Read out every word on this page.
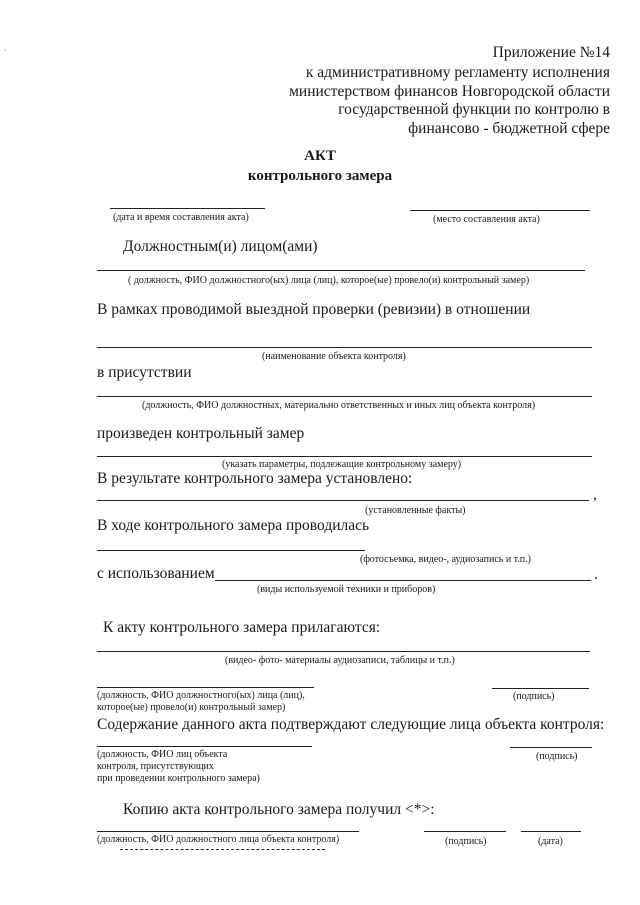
Приложение №14
к административному регламенту исполнения
министерством финансов Новгородской области
государственной функции по контролю в
финансово - бюджетной сфере
АКТ
контрольного замера
(дата и время составления акта)	(место составления акта)
Должностным(и) лицом(ами)
( должность, ФИО должностного(ых) лица (лиц), которое(ые) провело(и) контрольный замер)
В рамках проводимой выездной проверки (ревизии) в отношении
(наименование объекта контроля)
в присутствии
(должность, ФИО должностных, материально ответственных и иных лиц объекта контроля)
произведен контрольный замер
(указать параметры, подлежащие контрольному замеру)
В результате контрольного замера установлено:
,
(установленные факты)
В ходе контрольного замера проводилась
(фотосъемка, видео-, аудиозапись и т.п.)
с использованием	.
(виды используемой техники и приборов)
К акту контрольного замера прилагаются:
(видео- фото- материалы аудиозаписи, таблицы и т.п.)
(должность, ФИО должностного(ых) лица (лиц),
которое(ые) провело(и) контрольный замер)
(подпись)
Содержание данного акта подтверждают следующие лица объекта контроля:
(должность, ФИО лиц объекта
контроля, присутствующих
при проведении контрольного замера)
(подпись)
Копию акта контрольного замера получил <*>:
(должность, ФИО должностного лица объекта контроля)	(подпись)	(дата)
·
